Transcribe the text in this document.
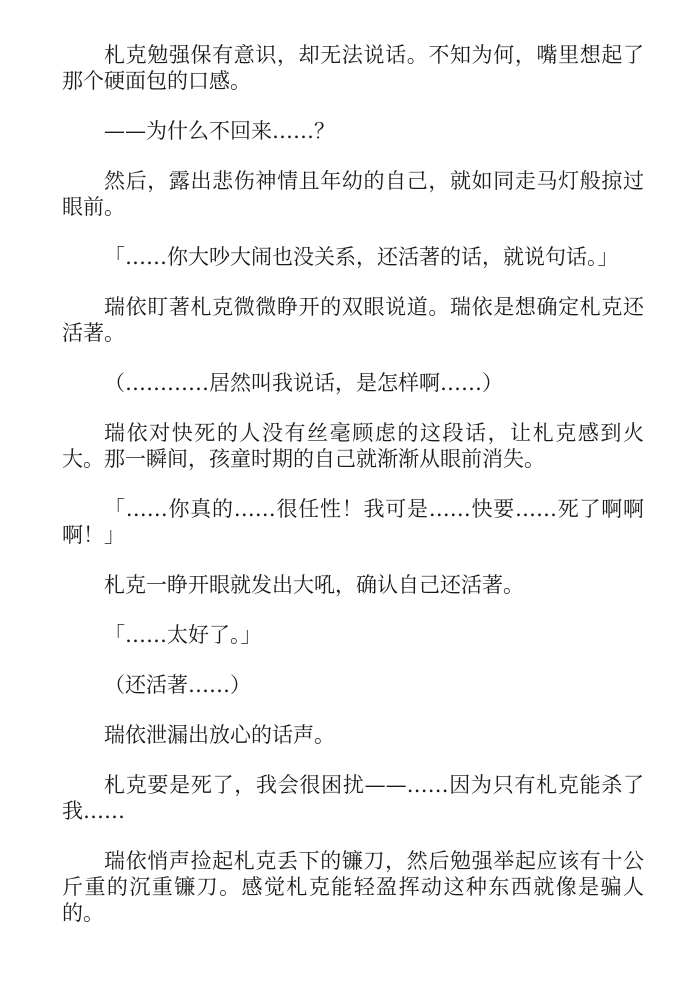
札克勉强保有意识，却无法说话。不知为何，嘴里想起了那个硬面包的口感。

——为什么不回来……？

然后，露出悲伤神情且年幼的自己，就如同走马灯般掠过眼前。

「……你大吵大闹也没关系，还活著的话，就说句话。」

瑞依盯著札克微微睁开的双眼说道。瑞依是想确定札克还活著。

（…………居然叫我说话，是怎样啊……）

瑞依对快死的人没有丝毫顾虑的这段话，让札克感到火大。那一瞬间，孩童时期的自己就渐渐从眼前消失。

「……你真的……很任性！我可是……快要……死了啊啊啊！」

札克一睁开眼就发出大吼，确认自己还活著。

「……太好了。」

（还活著……）

瑞依泄漏出放心的话声。

札克要是死了，我会很困扰——……因为只有札克能杀了我……

瑞依悄声捡起札克丢下的镰刀，然后勉强举起应该有十公斤重的沉重镰刀。感觉札克能轻盈挥动这种东西就像是骗人的。
